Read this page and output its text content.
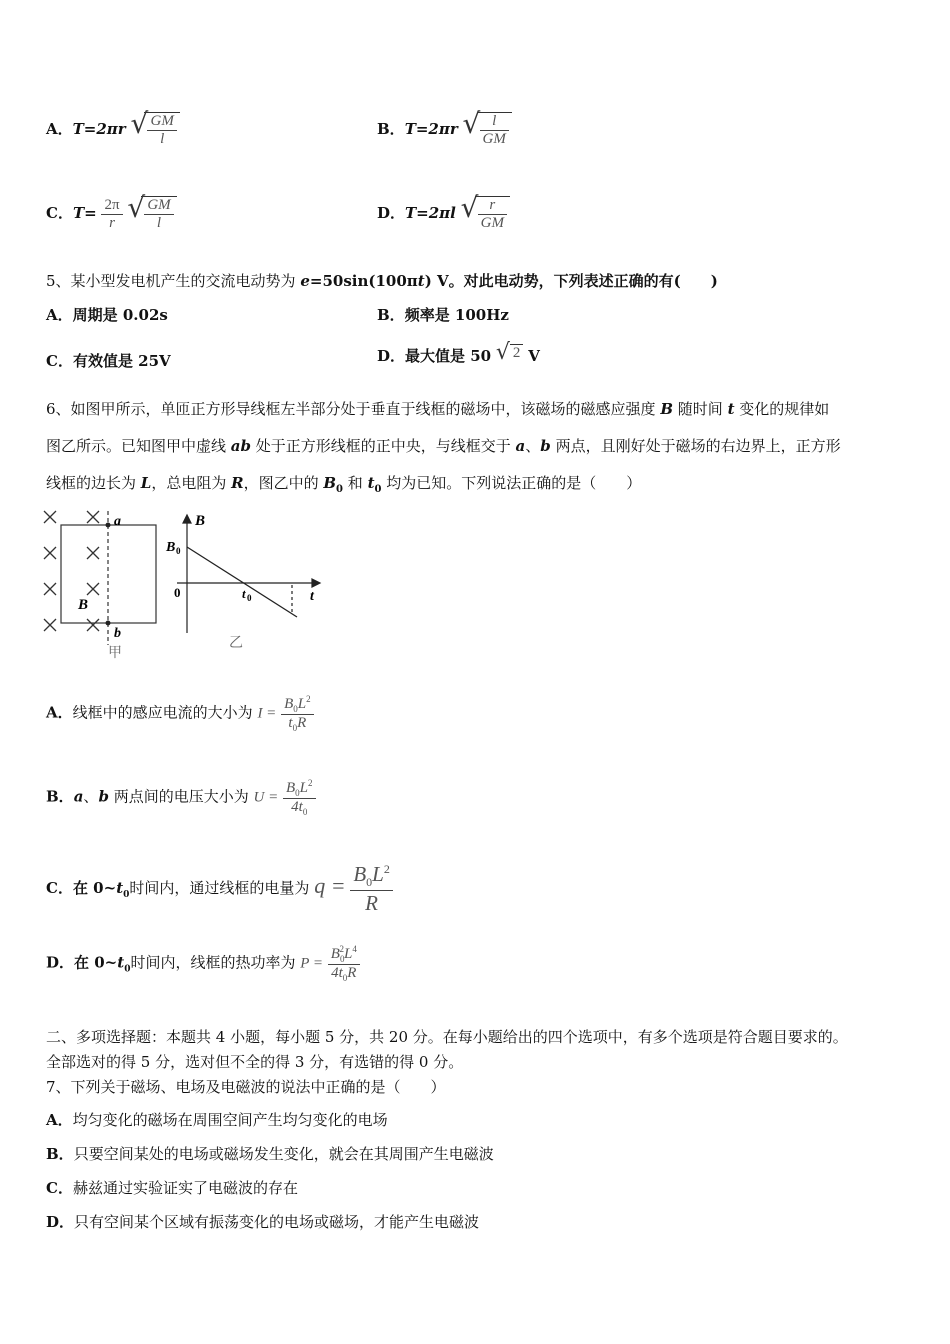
A．T=2πr √ $\frac{GM}{l}$	B．T=2πr √ $\frac{l}{GM}$
C．$T= \frac{2\pi}{r}$
√ $\frac{GM}{l}$	D．T=2πl √ $\frac{r}{GM}$
5、某小型发电机产生的交流电动势为 e=50sin(100πt) V。对此电动势，下列表述正确的有(　　)
A．周期是 0.02s	B．频率是 100Hz
C．有效值是 25V	D．最大值是 50 √ 2 V
6、如图甲所示，单匝正方形导线框左半部分处于垂直于线框的磁场中，该磁场的磁感应强度 B 随时间 t 变化的规律如
图乙所示。已知图甲中虚线 ab 处于正方形线框的正中央，与线框交于 a、b 两点，且刚好处于磁场的右边界上，正方形
线框的边长为 L，总电阻为 R，图乙中的 $B_0$ 和 $t_0$ 均为已知。下列说法正确的是（　　）
a
b
B
甲
B
B 0
0	t 0	t
乙
A．线框中的感应电流的大小为 $I = \frac{B_0L^2}{t_0R}$
B．a、b 两点间的电压大小为 $U = \frac{B_0L^2}{4t_0}$
C．在 $0\sim t_0$时间内，通过线框的电量为 $q = \frac{B_0L^2}{R}$
D．在 $0\sim t_0$时间内，线框的热功率为 $P = \frac{B_0^2L^4}{4t_0R}$
二、多项选择题：本题共 4 小题，每小题 5 分，共 20 分。在每小题给出的四个选项中，有多个选项是符合题目要求的。
全部选对的得 5 分，选对但不全的得 3 分，有选错的得 0 分。
7、下列关于磁场、电场及电磁波的说法中正确的是（　　）
A．均匀变化的磁场在周围空间产生均匀变化的电场
B．只要空间某处的电场或磁场发生变化，就会在其周围产生电磁波
C．赫兹通过实验证实了电磁波的存在
D．只有空间某个区域有振荡变化的电场或磁场，才能产生电磁波
